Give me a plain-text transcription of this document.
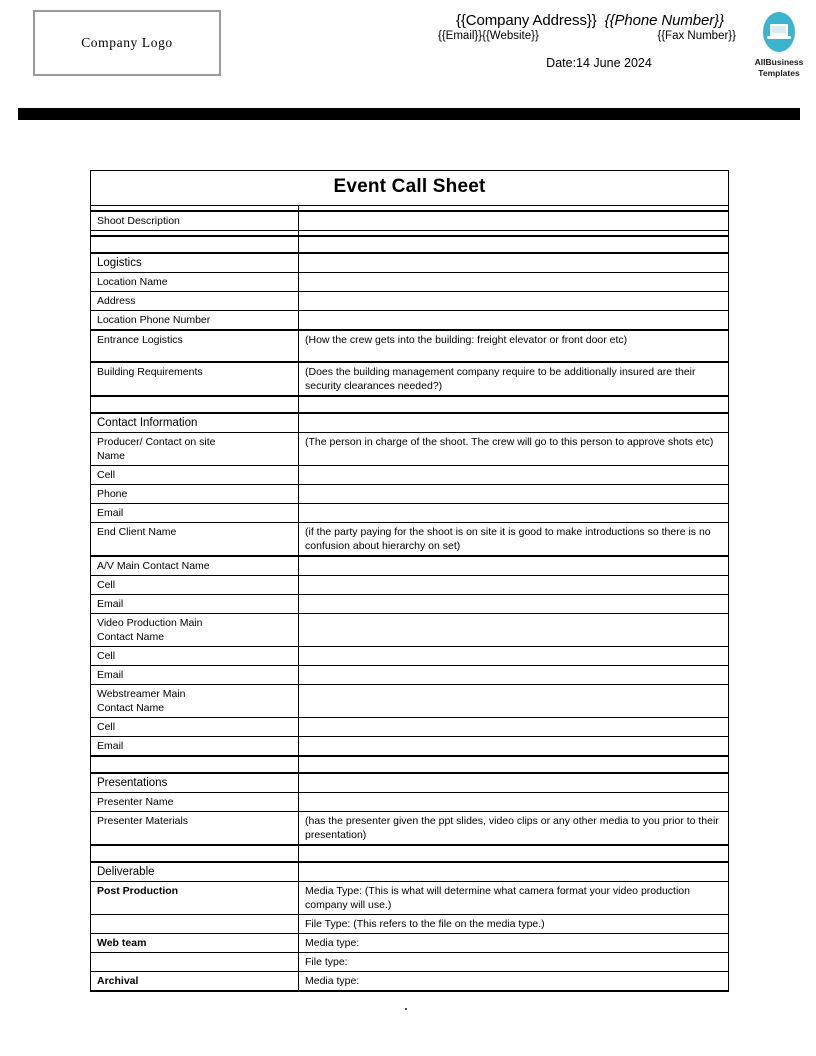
Company Logo
{{Company Address}} {{Phone Number}}
{{Email}}{{Website}}	{{Fax Number}}
Date:14 June 2024	AllBusiness
Templates
Event Call Sheet	

Shoot Description	

Logistics	
Location Name	
Address	
Location Phone Number	
Entrance Logistics	(How the crew gets into the building: freight elevator or front door etc)
Building Requirements	(Does the building management company require to be additionally insured are their security clearances needed?)

Contact Information	
Producer/ Contact on site
Name	(The person in charge of the shoot. The crew will go to this person to approve shots etc)
Cell	
Phone	
Email	
End Client Name	(if the party paying for the shoot is on site it is good to make introductions so there is no confusion about hierarchy on set)
A/V Main Contact Name	
Cell	
Email	
Video Production Main
Contact Name	

Cell	
Email	
Webstreamer Main
Contact Name	

Cell	
Email	

Presentations	
Presenter Name	
Presenter Materials	(has the presenter given the ppt slides, video clips or any other media to you prior to their presentation)

Deliverable	
Post Production	Media Type: (This is what will determine what camera format your video production company will use.)
	File Type: (This refers to the file on the media type.)
Web team	Media type:
	File type:
Archival	Media type:
